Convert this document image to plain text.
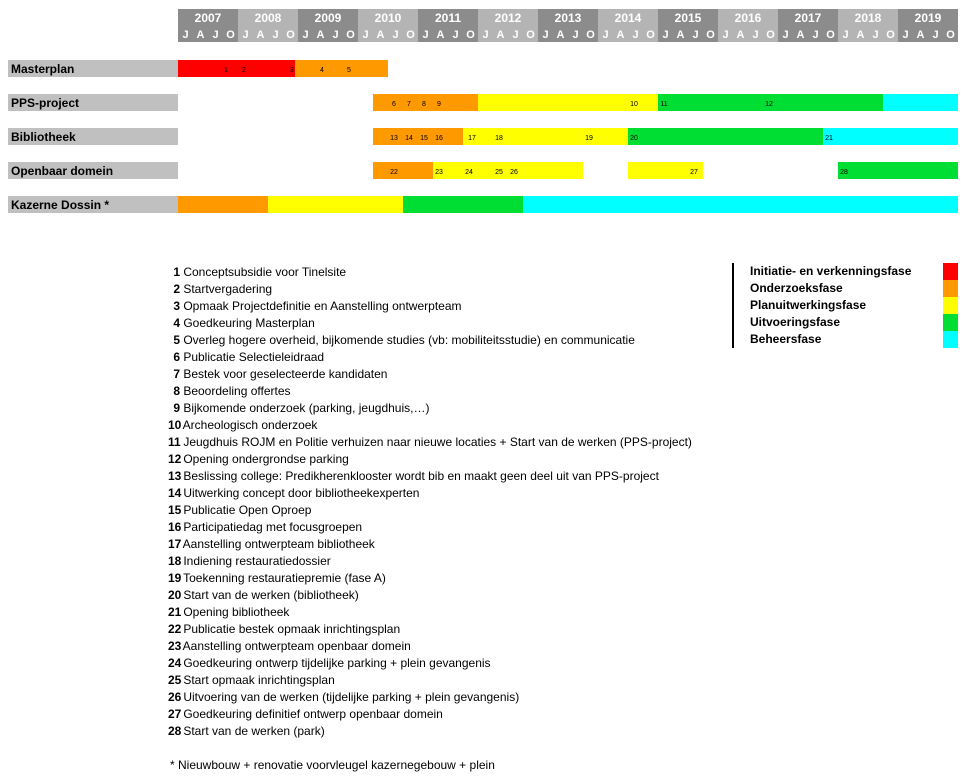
2007
J A J O
2008
J A J O
2009
J A J O
2010
J A J O
2011
J A J O
2012
J A J O
2013
J A J O
2014
J A J O
2015
J A J O
2016
J A J O
2017
J A J O
2018
J A J O
2019
J A J O
Masterplan	1 2	3	4	5
PPS-project	6 7 8 9	10	11	12
Bibliotheek	13 14 15 16	17	18	19	20	21
Openbaar domein	22	23	24	25 26	27	28
Kazerne Dossin *
1 Conceptsubsidie voor Tinelsite
2 Startvergadering
3 Opmaak Projectdefinitie en Aanstelling ontwerpteam
4 Goedkeuring Masterplan
5 Overleg hogere overheid, bijkomende studies (vb: mobiliteitsstudie) en communicatie
6 Publicatie Selectieleidraad
7 Bestek voor geselecteerde kandidaten
8 Beoordeling offertes
9 Bijkomende onderzoek (parking, jeugdhuis,…)
10 Archeologisch onderzoek
11 Jeugdhuis ROJM en Politie verhuizen naar nieuwe locaties + Start van de werken (PPS-project)
12 Opening ondergrondse parking
13 Beslissing college: Predikherenklooster wordt bib en maakt geen deel uit van PPS-project
14 Uitwerking concept door bibliotheekexperten
15 Publicatie Open Oproep
16 Participatiedag met focusgroepen
17 Aanstelling ontwerpteam bibliotheek
18 Indiening restauratiedossier
19 Toekenning restauratiepremie (fase A)
20 Start van de werken (bibliotheek)
21 Opening bibliotheek
22 Publicatie bestek opmaak inrichtingsplan
23 Aanstelling ontwerpteam openbaar domein
24 Goedkeuring ontwerp tijdelijke parking + plein gevangenis
25 Start opmaak inrichtingsplan
26 Uitvoering van de werken (tijdelijke parking + plein gevangenis)
27 Goedkeuring definitief ontwerp openbaar domein
28 Start van de werken (park)
Initiatie- en verkenningsfase
Onderzoeksfase
Planuitwerkingsfase
Uitvoeringsfase
Beheersfase
* Nieuwbouw + renovatie voorvleugel kazernegebouw + plein
